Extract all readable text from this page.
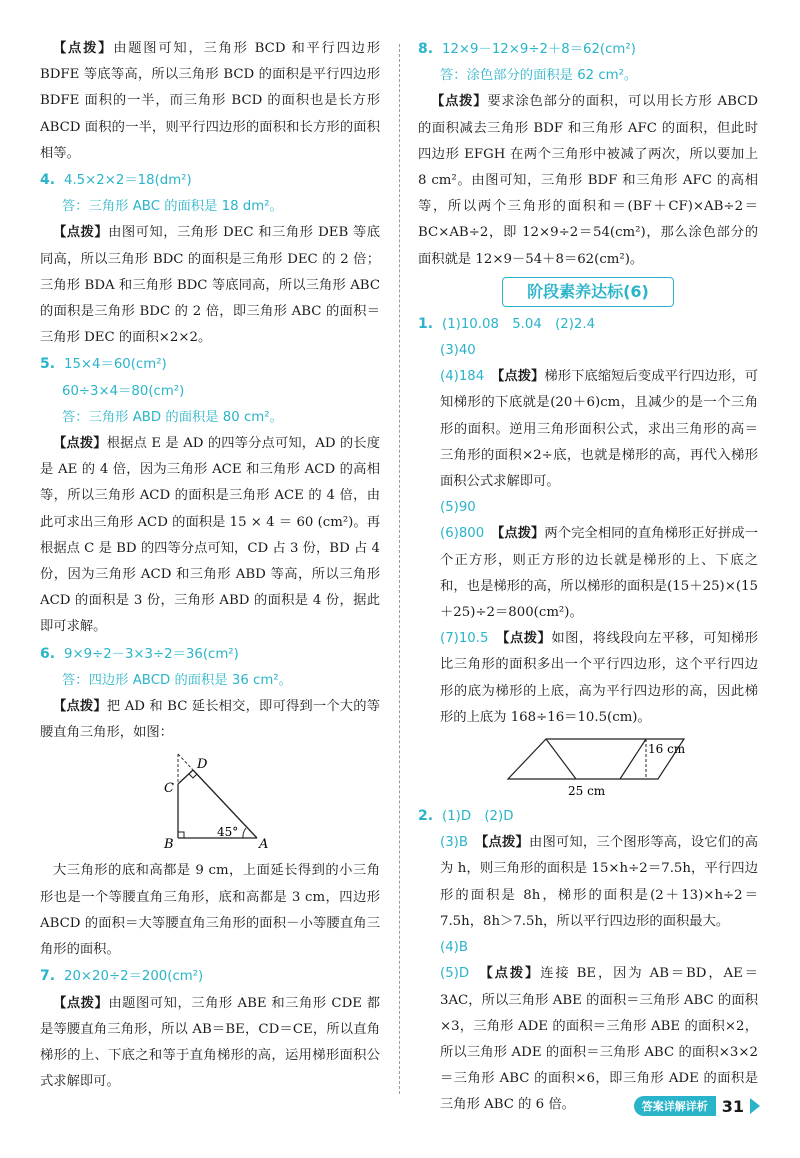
【点拨】由题图可知，三角形 BCD 和平行四边形 BDFE 等底等高，所以三角形 BCD 的面积是平行四边形 BDFE 面积的一半，而三角形 BCD 的面积也是长方形 ABCD 面积的一半，则平行四边形的面积和长方形的面积相等。

4. 4.5×2×2＝18(dm²)
答：三角形 ABC 的面积是 18 dm²。

【点拨】由图可知，三角形 DEC 和三角形 DEB 等底同高，所以三角形 BDC 的面积是三角形 DEC 的 2 倍；三角形 BDA 和三角形 BDC 等底同高，所以三角形 ABC 的面积是三角形 BDC 的 2 倍，即三角形 ABC 的面积＝三角形 DEC 的面积×2×2。

5. 15×4＝60(cm²)
60÷3×4＝80(cm²)
答：三角形 ABD 的面积是 80 cm²。

【点拨】根据点 E 是 AD 的四等分点可知，AD 的长度是 AE 的 4 倍，因为三角形 ACE 和三角形 ACD 的高相等，所以三角形 ACD 的面积是三角形 ACE 的 4 倍，由此可求出三角形 ACD 的面积是 15 × 4 ＝ 60 (cm²)。再根据点 C 是 BD 的四等分点可知，CD 占 3 份，BD 占 4 份，因为三角形 ACD 和三角形 ABD 等高，所以三角形 ACD 的面积是 3 份，三角形 ABD 的面积是 4 份，据此即可求解。

6. 9×9÷2－3×3÷2＝36(cm²)
答：四边形 ABCD 的面积是 36 cm²。

【点拨】把 AD 和 BC 延长相交，即可得到一个大的等腰直角三角形，如图：

D
C
B	A
45°

大三角形的底和高都是 9 cm，上面延长得到的小三角形也是一个等腰直角三角形，底和高都是 3 cm，四边形 ABCD 的面积＝大等腰直角三角形的面积－小等腰直角三角形的面积。

7. 20×20÷2＝200(cm²)

【点拨】由题图可知，三角形 ABE 和三角形 CDE 都是等腰直角三角形，所以 AB＝BE，CD＝CE，所以直角梯形的上、下底之和等于直角梯形的高，运用梯形面积公式求解即可。

8. 12×9－12×9÷2＋8＝62(cm²)
答：涂色部分的面积是 62 cm²。

【点拨】要求涂色部分的面积，可以用长方形 ABCD 的面积减去三角形 BDF 和三角形 AFC 的面积，但此时四边形 EFGH 在两个三角形中被减了两次，所以要加上 8 cm²。由图可知，三角形 BDF 和三角形 AFC 的高相等，所以两个三角形的面积和＝(BF＋CF)×AB÷2＝BC×AB÷2，即 12×9÷2＝54(cm²)，那么涂色部分的面积就是 12×9－54＋8＝62(cm²)。

阶段素养达标(6)
1. (1)10.08　5.04　(2)2.4
(3)40

(4)184　 【点拨】梯形下底缩短后变成平行四边形，可知梯形的下底就是(20＋6)cm，且减少的是一个三角形的面积。逆用三角形面积公式，求出三角形的高＝三角形的面积×2÷底，也就是梯形的高，再代入梯形面积公式求解即可。

(5)90

(6)800　 【点拨】两个完全相同的直角梯形正好拼成一个正方形，则正方形的边长就是梯形的上、下底之和，也是梯形的高，所以梯形的面积是(15＋25)×(15＋25)÷2＝800(cm²)。

(7)10.5　 【点拨】如图，将线段向左平移，可知梯形比三角形的面积多出一个平行四边形，这个平行四边形的底为梯形的上底，高为平行四边形的高，因此梯形的上底为 168÷16＝10.5(cm)。

16 cm
25 cm
2. (1)D　(2)D

(3)B　 【点拨】由图可知，三个图形等高，设它们的高为 h，则三角形的面积是 15×h÷2＝7.5h，平行四边形的面积是 8h，梯形的面积是(2＋13)×h÷2＝7.5h，8h＞7.5h，所以平行四边形的面积最大。

(4)B

(5)D　 【点拨】连接 BE，因为 AB＝BD，AE＝3AC，所以三角形 ABE 的面积＝三角形 ABC 的面积×3，三角形 ADE 的面积＝三角形 ABE 的面积×2，所以三角形 ADE 的面积＝三角形 ABC 的面积×3×2＝三角形 ABC 的面积×6，即三角形 ADE 的面积是三角形 ABC 的 6 倍。	答案详解详析 31
